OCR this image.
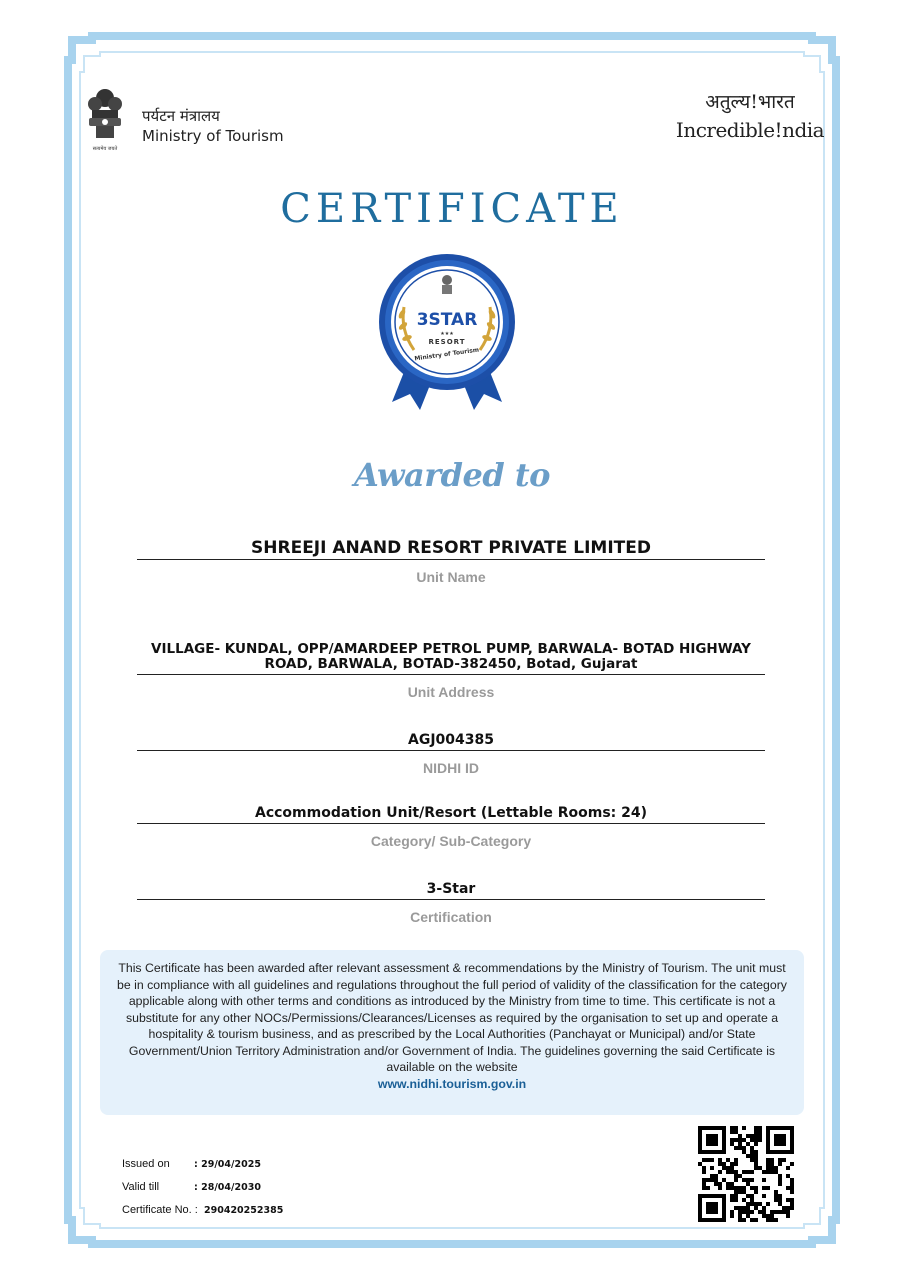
सत्यमेव जयते
पर्यटन मंत्रालय
Ministry of Tourism
अतुल्य!भारत
Incredible!ndia
CERTIFICATE
3STAR
★★★
RESORT
Ministry of Tourism
Awarded to
SHREEJI ANAND RESORT PRIVATE LIMITED
Unit Name
VILLAGE- KUNDAL, OPP/AMARDEEP PETROL PUMP, BARWALA- BOTAD HIGHWAY ROAD, BARWALA, BOTAD-382450, Botad, Gujarat
Unit Address
AGJ004385
NIDHI ID
Accommodation Unit/Resort (Lettable Rooms: 24)
Category/ Sub-Category
3-Star
Certification
This Certificate has been awarded after relevant assessment & recommendations by the Ministry of Tourism. The unit must be in compliance with all guidelines and regulations throughout the full period of validity of the classification for the category applicable along with other terms and conditions as introduced by the Ministry from time to time. This certificate is not a substitute for any other NOCs/Permissions/Clearances/Licenses as required by the organisation to set up and operate a hospitality & tourism business, and as prescribed by the Local Authorities (Panchayat or Municipal) and/or State Government/Union Territory Administration and/or Government of India. The guidelines governing the said Certificate is available on the website
www.nidhi.tourism.gov.in
Issued on	: 29/04/2025
Valid till	: 28/04/2030
Certificate No. : 290420252385
